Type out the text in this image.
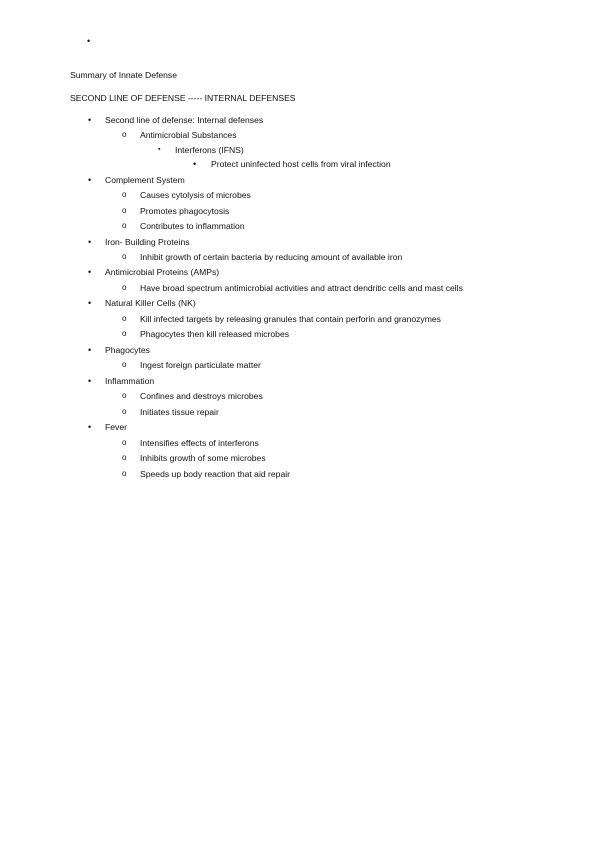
•
Summary of Innate Defense
SECOND LINE OF DEFENSE ----- INTERNAL DEFENSES
• Second line of defense: Internal defenses
o Antimicrobial Substances
▪ Interferons (IFNS)
• Protect uninfected host cells from viral infection
• Complement System
o Causes cytolysis of microbes
o Promotes phagocytosis
o Contributes to inflammation
• Iron- Building Proteins
o Inhibit growth of certain bacteria by reducing amount of available iron
• Antimicrobial Proteins (AMPs)
o Have broad spectrum antimicrobial activities and attract dendritic cells and mast cells
• Natural Killer Cells (NK)
o Kill infected targets by releasing granules that contain perforin and granozymes
o Phagocytes then kill released microbes
• Phagocytes
o Ingest foreign particulate matter
• Inflammation
o Confines and destroys microbes
o Initiates tissue repair
• Fever
o Intensifies effects of interferons
o Inhibits growth of some microbes
o Speeds up body reaction that aid repair
